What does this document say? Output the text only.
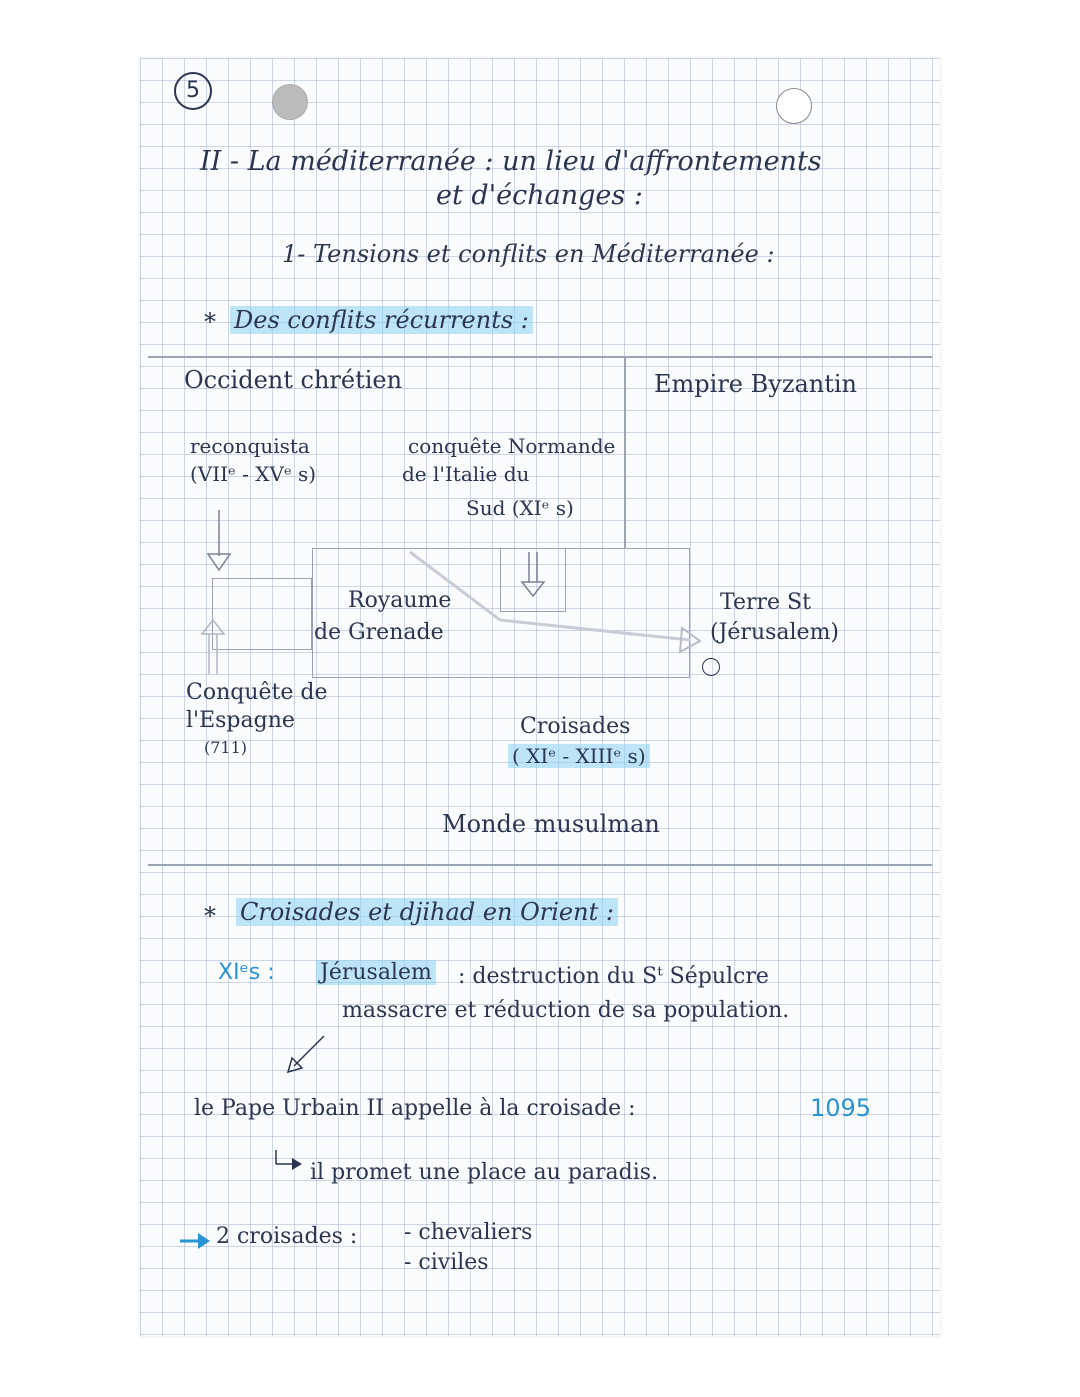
5
II - La méditerranée : un lieu d'affrontements
et d'échanges :
1- Tensions et conflits en Méditerranée :
* Des conflits récurrents :
Occident chrétien	Empire Byzantin
reconquista
(VIIᵉ - XVᵉ s)
conquête Normande
de l'Italie du
Sud (XIᵉ s)
Royaume
de Grenade
Terre St
(Jérusalem)
Conquête de
l'Espagne
(711)
Croisades
( XIᵉ - XIIIᵉ s)
Monde musulman
* Croisades et djihad en Orient :
XIᵉs : Jérusalem : destruction du Sᵗ Sépulcre
massacre et réduction de sa population.
le Pape Urbain II appelle à la croisade :	1095
il promet une place au paradis.
2 croisades : - chevaliers
- civiles
